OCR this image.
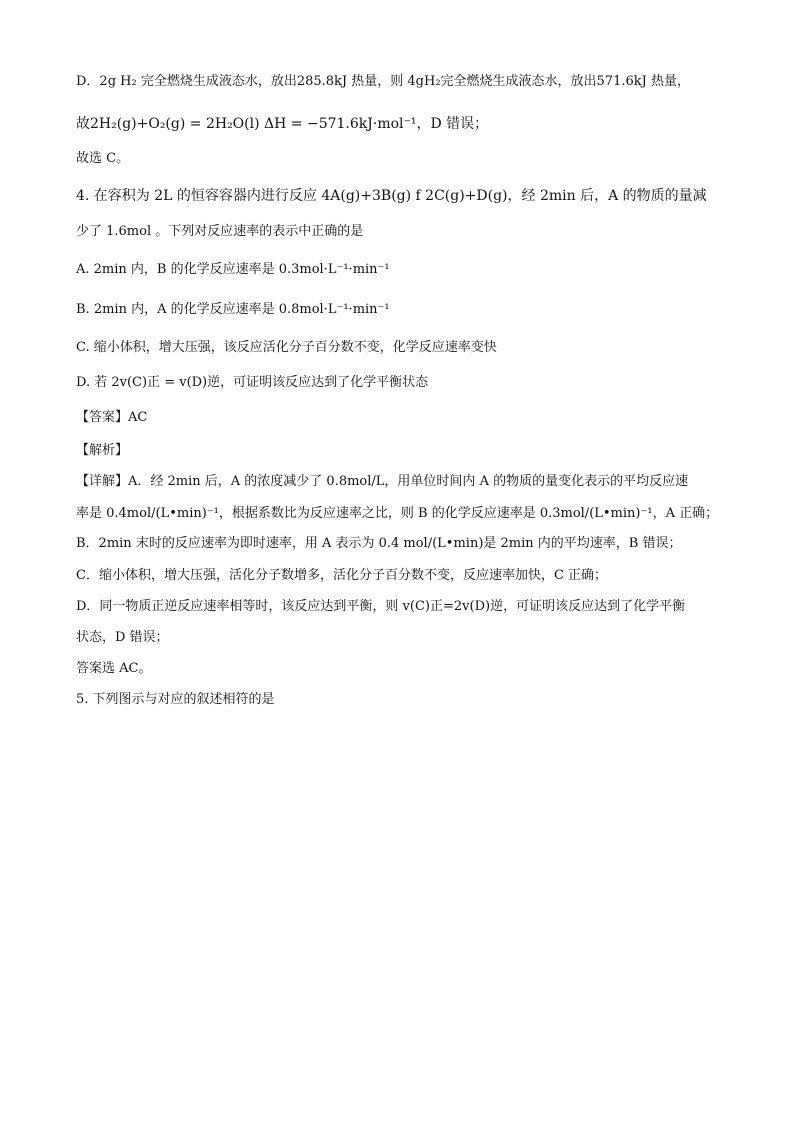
D．2g H₂ 完全燃烧生成液态水，放出285.8kJ 热量，则 4gH₂完全燃烧生成液态水，放出571.6kJ 热量，
故2H₂(g)+O₂(g) = 2H₂O(l) ΔH = −571.6kJ·mol⁻¹，D 错误；
故选 C。
4. 在容积为 2L 的恒容容器内进行反应 4A(g)+3B(g) f 2C(g)+D(g)，经 2min 后，A 的物质的量减
少了 1.6mol 。下列对反应速率的表示中正确的是
A. 2min 内，B 的化学反应速率是 0.3mol·L⁻¹·min⁻¹
B. 2min 内，A 的化学反应速率是 0.8mol·L⁻¹·min⁻¹
C. 缩小体积，增大压强，该反应活化分子百分数不变，化学反应速率变快
D. 若 2v(C)正 = v(D)逆，可证明该反应达到了化学平衡状态
【答案】AC
【解析】
【详解】A．经 2min 后，A 的浓度减少了 0.8mol/L，用单位时间内 A 的物质的量变化表示的平均反应速
率是 0.4mol/(L•min)⁻¹，根据系数比为反应速率之比，则 B 的化学反应速率是 0.3mol/(L•min)⁻¹，A 正确；
B．2min 末时的反应速率为即时速率，用 A 表示为 0.4 mol/(L•min)是 2min 内的平均速率，B 错误；
C．缩小体积，增大压强，活化分子数增多，活化分子百分数不变，反应速率加快，C 正确；
D．同一物质正逆反应速率相等时，该反应达到平衡，则 v(C)正=2v(D)逆，可证明该反应达到了化学平衡
状态，D 错误；
答案选 AC。
5. 下列图示与对应的叙述相符的是
